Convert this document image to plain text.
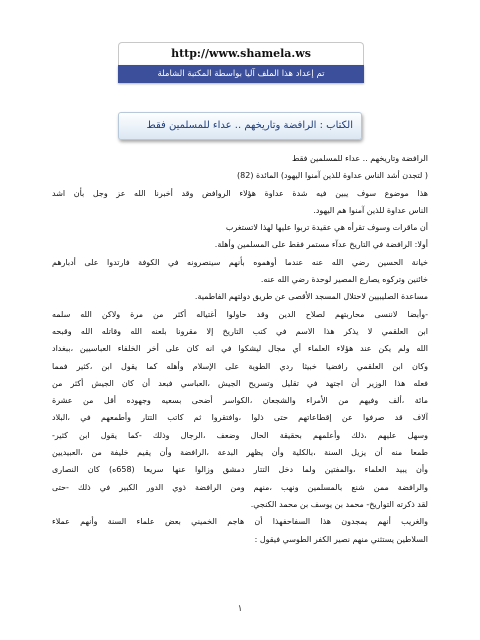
http://www.shamela.ws
تم إعداد هذا الملف آليا بواسطة المكتبة الشاملة
الكتاب : الرافضة وتاريخهم .. عداء للمسلمين فقط
الرافضة وتاريخهم .. عداء للمسلمين فقط
( لتجدن أشد الناس عداوة للذين آمنوا اليهود) المائدة (82)
هذا موضوع سوف يبين فيه شدة عداوة هؤلاء الروافض وقد أخبرنا الله عز وجل بأن اشد
الناس عداوة للذين آمنوا هم اليهود.
أن ماقرات وسوف تقرأه هي عقيدة تربوا عليها لهذا لاتستغرب
أولا: الرافضة في التاريخ عدآء مستمر فقط على المسلمين وأهلة.
خيانة الحسين رضي الله عنه عندما أوهموه بأنهم سينصرونه في الكوفة فارتدوا على أدبارهم
خائنين وتركوه يصارع المصير لوحدة رضي الله عنه.
مساعدة الصليبيين لاحتلال المسجد الأقصى عن طريق دولتهم الفاطمية.
-وأبضا لاننسى محاربتهم لصلاح الدين وقد حاولوا أغتياله أكثر من مرة ولاكن الله سلمه
ابن العلقمي لا يذكر هذا الاسم في كتب التاريخ إلا مقرونا بلعنه الله وقاتله الله وقبحه
الله ولم يكن عند هؤلاء العلماء أي مجال ليشكوا في انه كان على أخر الخلفاء العباسيين ،ببغداد
وكان ابن العلقمي رافضيا خبيثا ردي الطوية على الإسلام وأهله كما يقول ابن ،كثير فمما
فعله هذا الوزير أن اجتهد في تقليل وتسريح الجيش ،العباسي فبعد أن كان الجيش أكثر من
مائة ،ألف وفيهم من الأمراء والشجعان ،الكواسر أضحى بسعيه وجهوده أقل من عشرة
آلاف قد صرفوا عن إقطاعاتهم حتى ذلوا ،وافتقروا ثم كاتب التتار وأطمعهم في ،البلاد
وسهل عليهم ،ذلك وأعلمهم بحقيقة الحال وضعف ،الرجال وذلك -كما يقول ابن كثير-
طمعا منه أن يزيل السنة ،بالكلية وأن يظهر البدعة ،الرافضة وأن يقيم خليفة من ،العبيديين
وأن يبيد العلماء ،والمفتين ولما دخل التتار دمشق وزالوا عنها سريعا (658ه) كان النصارى
والرافضة ممن شنع بالمسلمين ونهب ،منهم ومن الرافضة ذوي الدور الكبير في ذلك -حتى
لقد ذكرته التواريخ- محمد بن يوسف بن محمد الكنجي.
والغريب أنهم يمجدون هذا السفاحفهذا أن هاجم الخميني بعض علماء السنة وأنهم عملاء
السلاطين يستثني منهم نصير الكفر الطوسي فيقول :
١
